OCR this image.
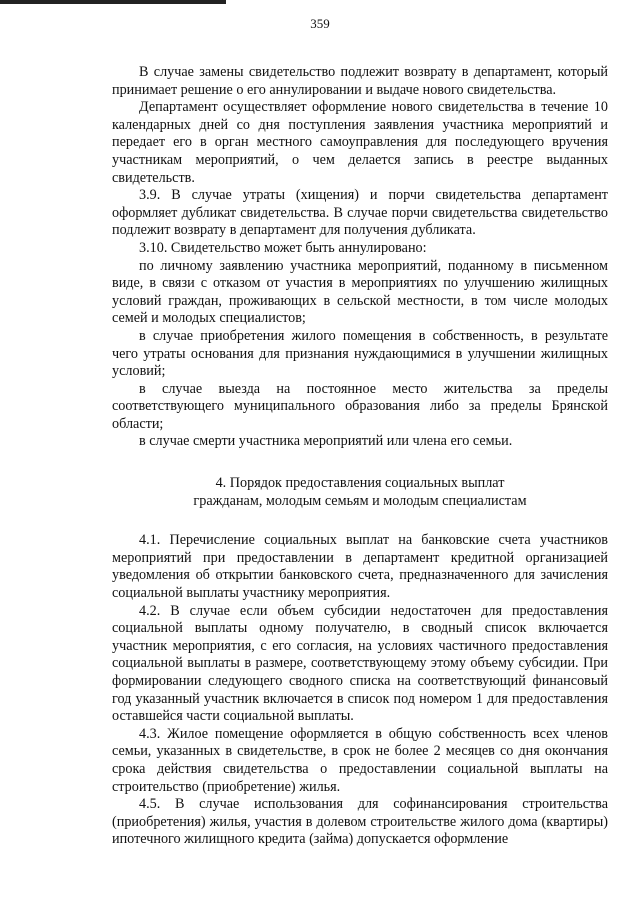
359

В случае замены свидетельство подлежит возврату в департамент, который принимает решение о его аннулировании и выдаче нового свидетельства.

Департамент осуществляет оформление нового свидетельства в течение 10 календарных дней со дня поступления заявления участника мероприятий и передает его в орган местного самоуправления для последующего вручения участникам мероприятий, о чем делается запись в реестре выданных свидетельств.

3.9. В случае утраты (хищения) и порчи свидетельства департамент оформляет дубликат свидетельства. В случае порчи свидетельства свидетельство подлежит возврату в департамент для получения дубликата.

3.10. Свидетельство может быть аннулировано:

по личному заявлению участника мероприятий, поданному в письменном виде, в связи с отказом от участия в мероприятиях по улучшению жилищных условий граждан, проживающих в сельской местности, в том числе молодых семей и молодых специалистов;

в случае приобретения жилого помещения в собственность, в результате чего утраты основания для признания нуждающимися в улучшении жилищных условий;

в случае выезда на постоянное место жительства за пределы соответствующего муниципального образования либо за пределы Брянской области;

в случае смерти участника мероприятий или члена его семьи.

4. Порядок предоставления социальных выплат
гражданам, молодым семьям и молодым специалистам

4.1. Перечисление социальных выплат на банковские счета участников мероприятий при предоставлении в департамент кредитной организацией уведомления об открытии банковского счета, предназначенного для зачисления социальной выплаты участнику мероприятия.

4.2. В случае если объем субсидии недостаточен для предоставления социальной выплаты одному получателю, в сводный список включается участник мероприятия, с его согласия, на условиях частичного предоставления социальной выплаты в размере, соответствующему этому объему субсидии. При формировании следующего сводного списка на соответствующий финансовый год указанный участник включается в список под номером 1 для предоставления оставшейся части социальной выплаты.

4.3. Жилое помещение оформляется в общую собственность всех членов семьи, указанных в свидетельстве, в срок не более 2 месяцев со дня окончания срока действия свидетельства о предоставлении социальной выплаты на строительство (приобретение) жилья.

4.5. В случае использования для софинансирования строительства (приобретения) жилья, участия в долевом строительстве жилого дома (квартиры) ипотечного жилищного кредита (займа) допускается оформление
